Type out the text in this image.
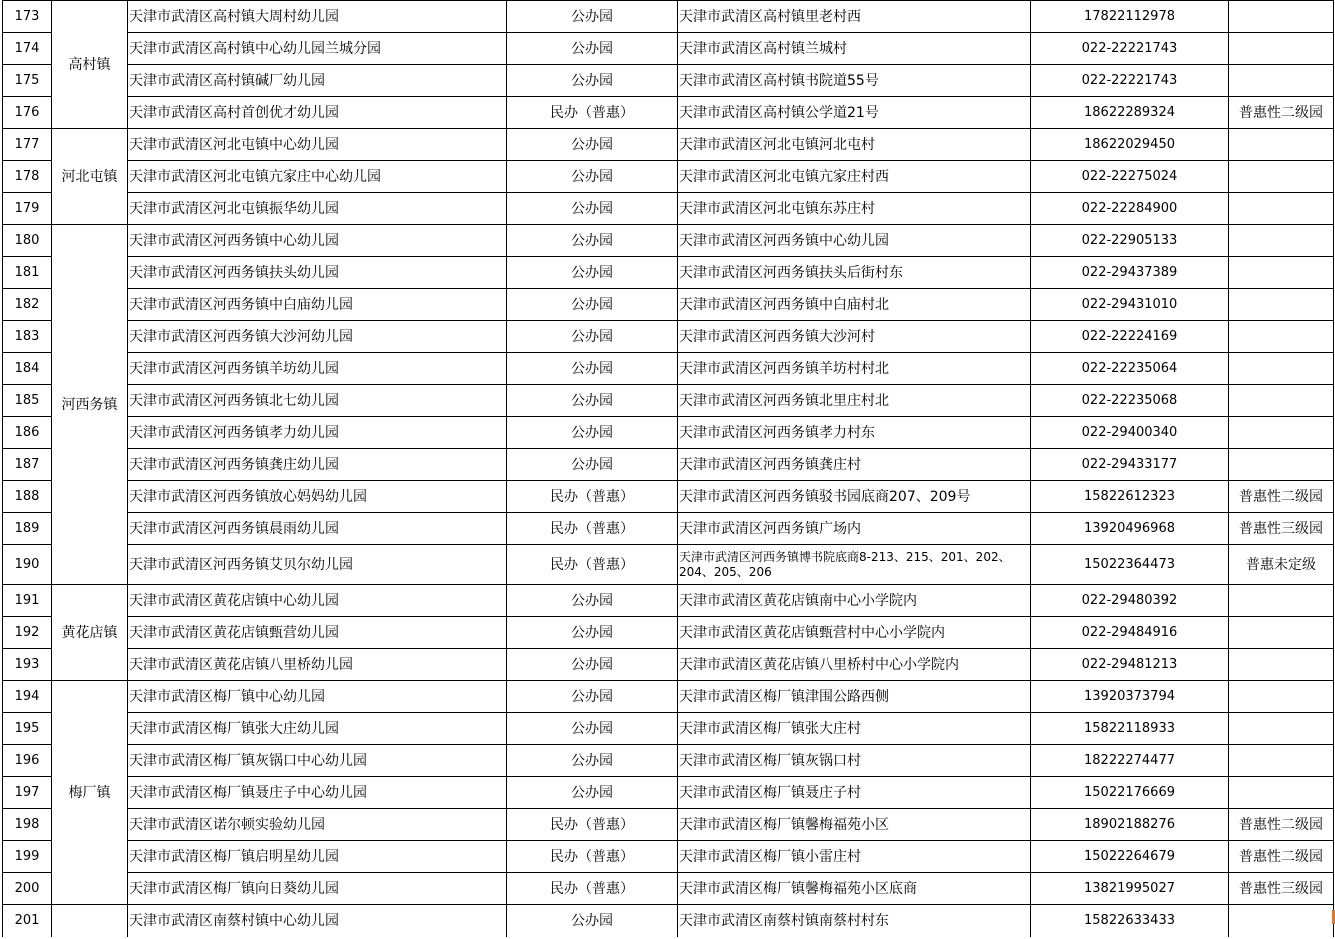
173	高村镇	天津市武清区高村镇大周村幼儿园	公办园	天津市武清区高村镇里老村西	17822112978	
174		天津市武清区高村镇中心幼儿园兰城分园	公办园	天津市武清区高村镇兰城村	022-22221743	
175		天津市武清区高村镇碱厂幼儿园	公办园	天津市武清区高村镇书院道55号	022-22221743	
176		天津市武清区高村首创优才幼儿园	民办（普惠）	天津市武清区高村镇公学道21号	18622289324	普惠性二级园
177	河北屯镇	天津市武清区河北屯镇中心幼儿园	公办园	天津市武清区河北屯镇河北屯村	18622029450	
178		天津市武清区河北屯镇亢家庄中心幼儿园	公办园	天津市武清区河北屯镇亢家庄村西	022-22275024	
179		天津市武清区河北屯镇振华幼儿园	公办园	天津市武清区河北屯镇东苏庄村	022-22284900	
180	河西务镇	天津市武清区河西务镇中心幼儿园	公办园	天津市武清区河西务镇中心幼儿园	022-22905133	
181		天津市武清区河西务镇扶头幼儿园	公办园	天津市武清区河西务镇扶头后街村东	022-29437389	
182		天津市武清区河西务镇中白庙幼儿园	公办园	天津市武清区河西务镇中白庙村北	022-29431010	
183		天津市武清区河西务镇大沙河幼儿园	公办园	天津市武清区河西务镇大沙河村	022-22224169	
184		天津市武清区河西务镇羊坊幼儿园	公办园	天津市武清区河西务镇羊坊村村北	022-22235064	
185		天津市武清区河西务镇北七幼儿园	公办园	天津市武清区河西务镇北里庄村北	022-22235068	
186		天津市武清区河西务镇孝力幼儿园	公办园	天津市武清区河西务镇孝力村东	022-29400340	
187		天津市武清区河西务镇龚庄幼儿园	公办园	天津市武清区河西务镇龚庄村	022-29433177	
188		天津市武清区河西务镇放心妈妈幼儿园	民办（普惠）	天津市武清区河西务镇驳书园底商207、209号	15822612323	普惠性二级园
189		天津市武清区河西务镇晨雨幼儿园	民办（普惠）	天津市武清区河西务镇广场内	13920496968	普惠性三级园
190		天津市武清区河西务镇艾贝尔幼儿园	民办（普惠）	天津市武清区河西务镇博书院底商8-213、215、201、202、204、205、206	15022364473	普惠未定级
191	黄花店镇	天津市武清区黄花店镇中心幼儿园	公办园	天津市武清区黄花店镇南中心小学院内	022-29480392	
192		天津市武清区黄花店镇甄营幼儿园	公办园	天津市武清区黄花店镇甄营村中心小学院内	022-29484916	
193		天津市武清区黄花店镇八里桥幼儿园	公办园	天津市武清区黄花店镇八里桥村中心小学院内	022-29481213	
194	梅厂镇	天津市武清区梅厂镇中心幼儿园	公办园	天津市武清区梅厂镇津围公路西侧	13920373794	
195		天津市武清区梅厂镇张大庄幼儿园	公办园	天津市武清区梅厂镇张大庄村	15822118933	
196		天津市武清区梅厂镇灰锅口中心幼儿园	公办园	天津市武清区梅厂镇灰锅口村	18222274477	
197		天津市武清区梅厂镇聂庄子中心幼儿园	公办园	天津市武清区梅厂镇聂庄子村	15022176669	
198		天津市武清区诺尔顿实验幼儿园	民办（普惠）	天津市武清区梅厂镇馨梅福苑小区	18902188276	普惠性二级园
199		天津市武清区梅厂镇启明星幼儿园	民办（普惠）	天津市武清区梅厂镇小雷庄村	15022264679	普惠性二级园
200		天津市武清区梅厂镇向日葵幼儿园	民办（普惠）	天津市武清区梅厂镇馨梅福苑小区底商	13821995027	普惠性三级园
201		天津市武清区南蔡村镇中心幼儿园	公办园	天津市武清区南蔡村镇南蔡村村东	15822633433	
